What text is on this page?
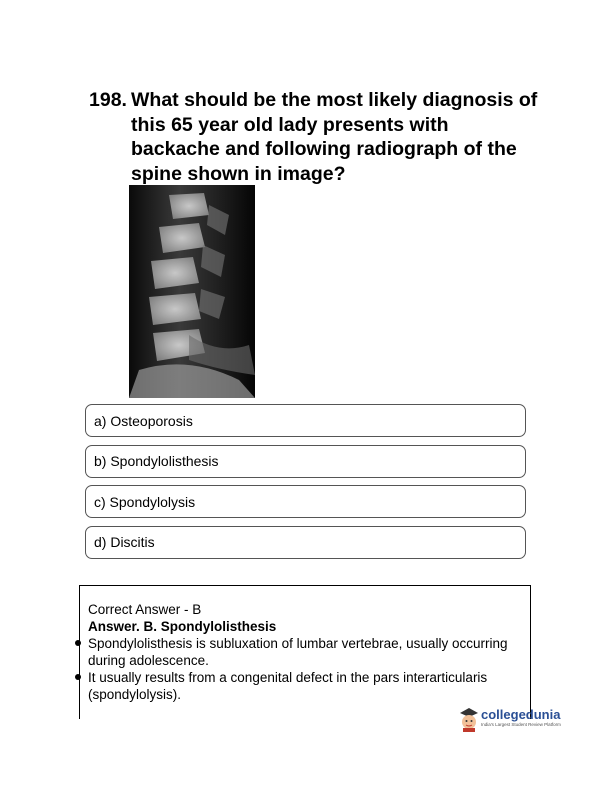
198. What should be the most likely diagnosis of this 65 year old lady presents with backache and following radiograph of the spine shown in image?
a) Osteoporosis
b) Spondylolisthesis
c) Spondylolysis
d) Discitis
Correct Answer - B
Answer. B. Spondylolisthesis
Spondylolisthesis is subluxation of lumbar vertebrae, usually occurring during adolescence.
It usually results from a congenital defect in the pars interarticularis (spondylolysis).
collegedunia
India's Largest Student Review Platform
